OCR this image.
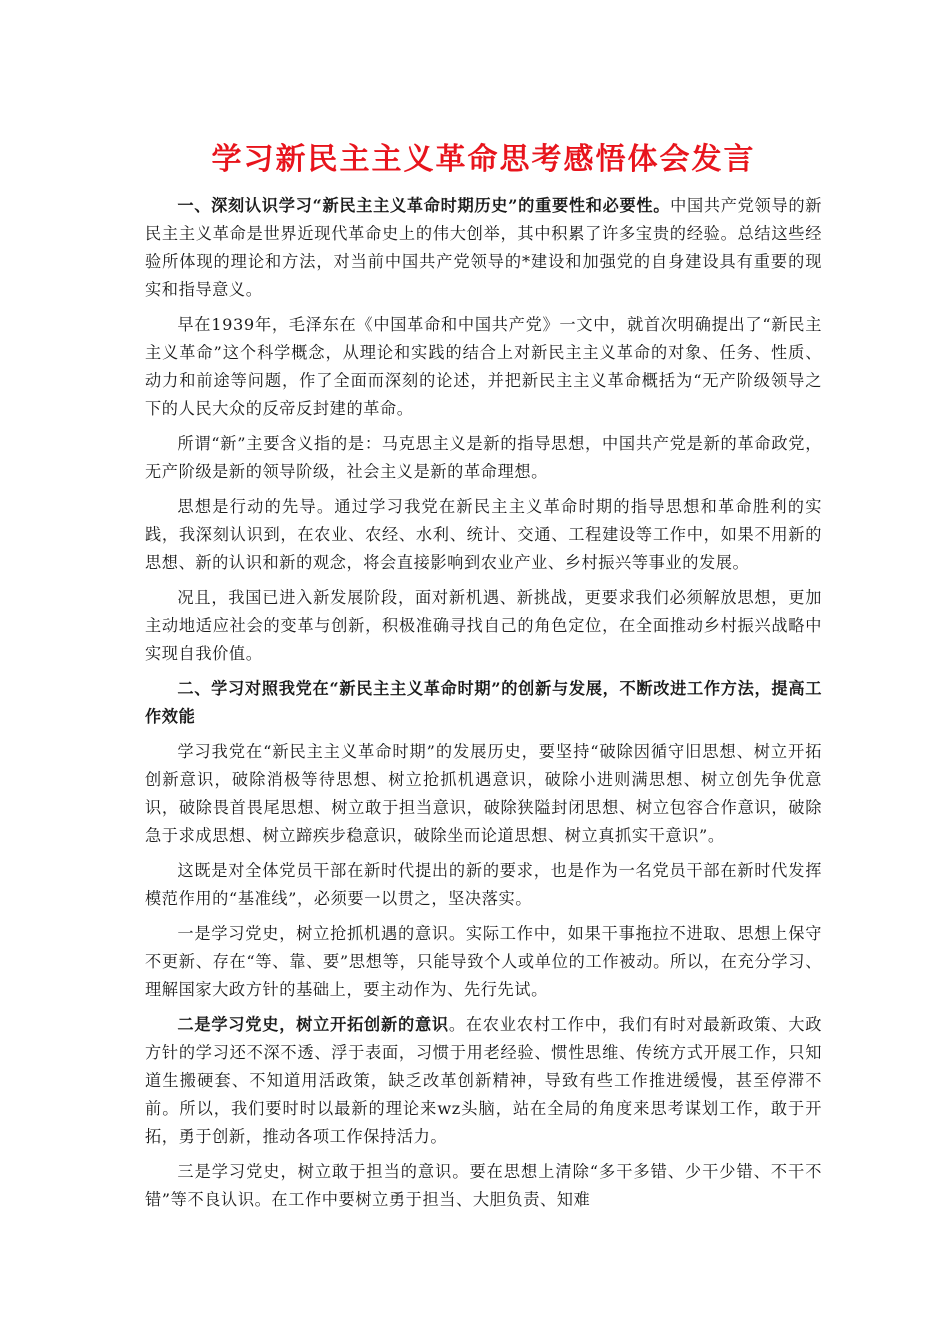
学习新民主主义革命思考感悟体会发言

一、深刻认识学习“新民主主义革命时期历史”的重要性和必要性。中国共产党领导的新民主主义革命是世界近现代革命史上的伟大创举，其中积累了许多宝贵的经验。总结这些经验所体现的理论和方法，对当前中国共产党领导的*建设和加强党的自身建设具有重要的现实和指导意义。

早在1939年，毛泽东在《中国革命和中国共产党》一文中，就首次明确提出了“新民主主义革命”这个科学概念，从理论和实践的结合上对新民主主义革命的对象、任务、性质、动力和前途等问题，作了全面而深刻的论述，并把新民主主义革命概括为“无产阶级领导之下的人民大众的反帝反封建的革命。

所谓“新”主要含义指的是：马克思主义是新的指导思想，中国共产党是新的革命政党，无产阶级是新的领导阶级，社会主义是新的革命理想。

思想是行动的先导。通过学习我党在新民主主义革命时期的指导思想和革命胜利的实践，我深刻认识到，在农业、农经、水利、统计、交通、工程建设等工作中，如果不用新的思想、新的认识和新的观念，将会直接影响到农业产业、乡村振兴等事业的发展。

况且，我国已进入新发展阶段，面对新机遇、新挑战，更要求我们必须解放思想，更加主动地适应社会的变革与创新，积极准确寻找自己的角色定位，在全面推动乡村振兴战略中实现自我价值。

二、学习对照我党在“新民主主义革命时期”的创新与发展，不断改进工作方法，提高工作效能

学习我党在“新民主主义革命时期”的发展历史，要坚持“破除因循守旧思想、树立开拓创新意识，破除消极等待思想、树立抢抓机遇意识，破除小进则满思想、树立创先争优意识，破除畏首畏尾思想、树立敢于担当意识，破除狭隘封闭思想、树立包容合作意识，破除急于求成思想、树立蹄疾步稳意识，破除坐而论道思想、树立真抓实干意识”。

这既是对全体党员干部在新时代提出的新的要求，也是作为一名党员干部在新时代发挥模范作用的“基准线”，必须要一以贯之，坚决落实。

一是学习党史，树立抢抓机遇的意识。实际工作中，如果干事拖拉不进取、思想上保守不更新、存在“等、靠、要”思想等，只能导致个人或单位的工作被动。所以，在充分学习、理解国家大政方针的基础上，要主动作为、先行先试。

二是学习党史，树立开拓创新的意识。在农业农村工作中，我们有时对最新政策、大政方针的学习还不深不透、浮于表面，习惯于用老经验、惯性思维、传统方式开展工作，只知道生搬硬套、不知道用活政策，缺乏改革创新精神，导致有些工作推进缓慢，甚至停滞不前。所以，我们要时时以最新的理论来wz头脑，站在全局的角度来思考谋划工作，敢于开拓，勇于创新，推动各项工作保持活力。

三是学习党史，树立敢于担当的意识。要在思想上清除“多干多错、少干少错、不干不错”等不良认识。在工作中要树立勇于担当、大胆负责、知难
